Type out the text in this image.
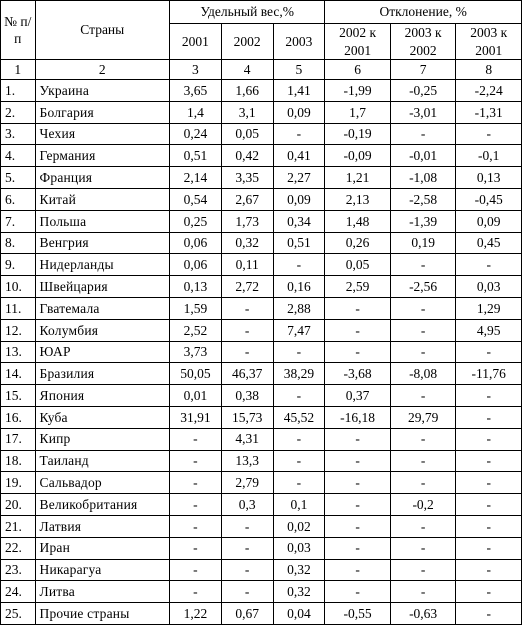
№ п/п	Страны	Удельный вес,%			Отклонение, %		
		2001	2002	2003	2002 к 2001	2003 к 2002	2003 к 2001
1	2	3	4	5	6	7	8
1.	Украина	3,65	1,66	1,41	-1,99	-0,25	-2,24
2.	Болгария	1,4	3,1	0,09	1,7	-3,01	-1,31
3.	Чехия	0,24	0,05	-	-0,19	-	-
4.	Германия	0,51	0,42	0,41	-0,09	-0,01	-0,1
5.	Франция	2,14	3,35	2,27	1,21	-1,08	0,13
6.	Китай	0,54	2,67	0,09	2,13	-2,58	-0,45
7.	Польша	0,25	1,73	0,34	1,48	-1,39	0,09
8.	Венгрия	0,06	0,32	0,51	0,26	0,19	0,45
9.	Нидерланды	0,06	0,11	-	0,05	-	-
10.	Швейцария	0,13	2,72	0,16	2,59	-2,56	0,03
11.	Гватемала	1,59	-	2,88	-	-	1,29
12.	Колумбия	2,52	-	7,47	-	-	4,95
13.	ЮАР	3,73	-	-	-	-	-
14.	Бразилия	50,05	46,37	38,29	-3,68	-8,08	-11,76
15.	Япония	0,01	0,38	-	0,37	-	-
16.	Куба	31,91	15,73	45,52	-16,18	29,79	-
17.	Кипр	-	4,31	-	-	-	-
18.	Таиланд	-	13,3	-	-	-	-
19.	Сальвадор	-	2,79	-	-	-	-
20.	Великобритания	-	0,3	0,1	-	-0,2	-
21.	Латвия	-	-	0,02	-	-	-
22.	Иран	-	-	0,03	-	-	-
23.	Никарагуа	-	-	0,32	-	-	-
24.	Литва	-	-	0,32	-	-	-
25.	Прочие страны	1,22	0,67	0,04	-0,55	-0,63	-
